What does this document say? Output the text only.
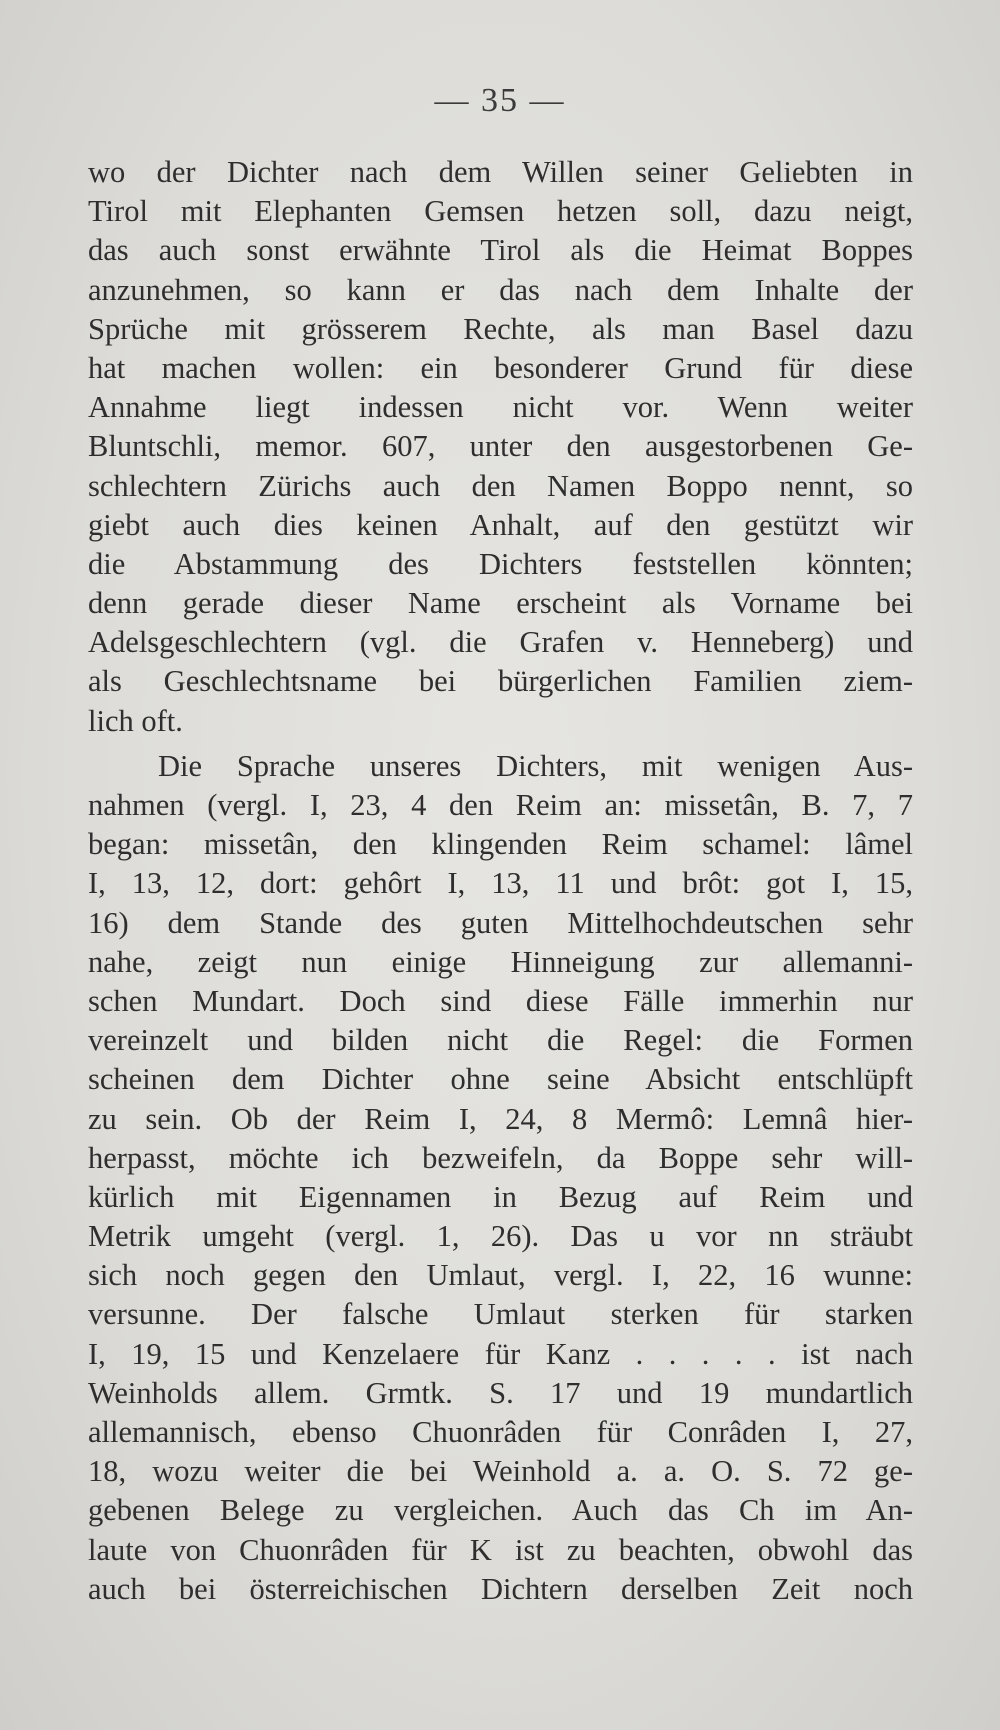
— 35 —
wo der Dichter nach dem Willen seiner Geliebten in
Tirol mit Elephanten Gemsen hetzen soll, dazu neigt,
das auch sonst erwähnte Tirol als die Heimat Boppes
anzunehmen, so kann er das nach dem Inhalte der
Sprüche mit grösserem Rechte, als man Basel dazu
hat machen wollen: ein besonderer Grund für diese
Annahme liegt indessen nicht vor. Wenn weiter
Bluntschli, memor. 607, unter den ausgestorbenen Ge-
schlechtern Zürichs auch den Namen Boppo nennt, so
giebt auch dies keinen Anhalt, auf den gestützt wir
die Abstammung des Dichters feststellen könnten;
denn gerade dieser Name erscheint als Vorname bei
Adelsgeschlechtern (vgl. die Grafen v. Henneberg) und
als Geschlechtsname bei bürgerlichen Familien ziem-
lich oft.
Die Sprache unseres Dichters, mit wenigen Aus-
nahmen (vergl. I, 23, 4 den Reim an: missetân, B. 7, 7
began: missetân, den klingenden Reim schamel: lâmel
I, 13, 12, dort: gehôrt I, 13, 11 und brôt: got I, 15,
16) dem Stande des guten Mittelhochdeutschen sehr
nahe, zeigt nun einige Hinneigung zur allemanni-
schen Mundart. Doch sind diese Fälle immerhin nur
vereinzelt und bilden nicht die Regel: die Formen
scheinen dem Dichter ohne seine Absicht entschlüpft
zu sein. Ob der Reim I, 24, 8 Mermô: Lemnâ hier-
herpasst, möchte ich bezweifeln, da Boppe sehr will-
kürlich mit Eigennamen in Bezug auf Reim und
Metrik umgeht (vergl. 1, 26). Das u vor nn sträubt
sich noch gegen den Umlaut, vergl. I, 22, 16 wunne:
versunne. Der falsche Umlaut sterken für starken
I, 19, 15 und Kenzelaere für Kanz . . . . . ist nach
Weinholds allem. Grmtk. S. 17 und 19 mundartlich
allemannisch, ebenso Chuonrâden für Conrâden I, 27,
18, wozu weiter die bei Weinhold a. a. O. S. 72 ge-
gebenen Belege zu vergleichen. Auch das Ch im An-
laute von Chuonrâden für K ist zu beachten, obwohl das
auch bei österreichischen Dichtern derselben Zeit noch
